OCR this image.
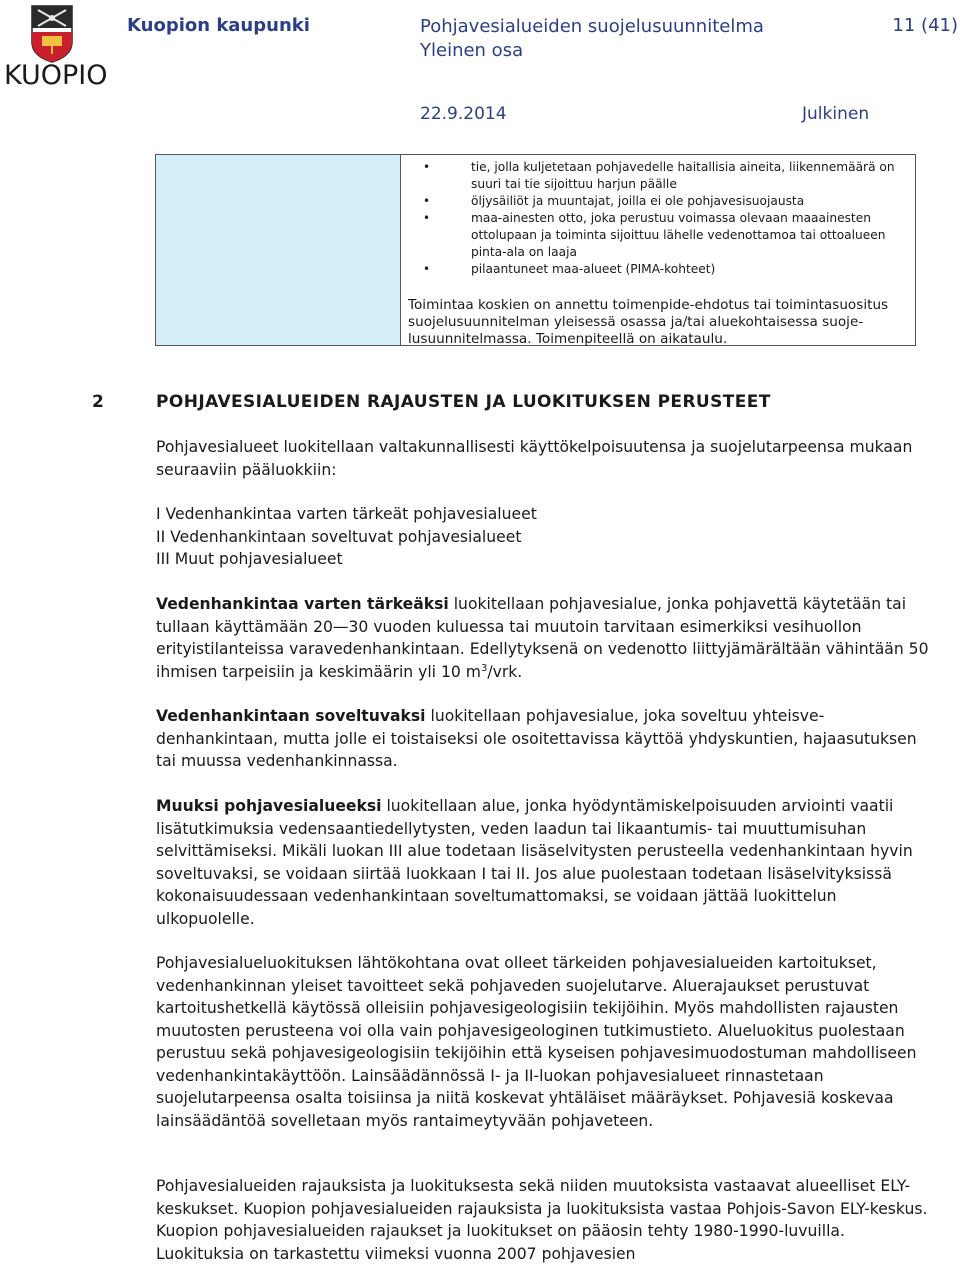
KUOPIO
Kuopion kaupunki	Pohjavesialueiden suojelusuunnitelma
Yleinen osa
11 (41)
22.9.2014	Julkinen
• tie, jolla kuljetetaan pohjavedelle haitallisia aineita, liikennemäärä on suuri tai tie sijoittuu harjun päälle
• öljysäiliöt ja muuntajat, joilla ei ole pohjavesisuojausta
• maa-ainesten otto, joka perustuu voimassa olevaan maaainesten ottolupaan ja toiminta sijoittuu lähelle vedenottamoa tai ottoalueen pinta-ala on laaja
• pilaantuneet maa-alueet (PIMA-kohteet)

Toimintaa koskien on annettu toimenpide-ehdotus tai toimintasuositus suojelusuunnitelman yleisessä osassa ja/tai aluekohtaisessa suojelusuunnitelmassa. Toimenpiteellä on aikataulu.

2	POHJAVESIALUEIDEN RAJAUSTEN JA LUOKITUKSEN PERUSTEET

Pohjavesialueet luokitellaan valtakunnallisesti käyttökelpoisuutensa ja suojelutarpeensa mukaan seuraaviin pääluokkiin:

I Vedenhankintaa varten tärkeät pohjavesialueet

II Vedenhankintaan soveltuvat pohjavesialueet

III Muut pohjavesialueet

Vedenhankintaa varten tärkeäksi luokitellaan pohjavesialue, jonka pohjavettä käytetään tai tullaan käyttämään 20—30 vuoden kuluessa tai muutoin tarvitaan esimerkiksi vesihuollon erityistilanteissa varavedenhankintaan. Edellytyksenä on vedenotto liittyjämärältään vähintään 50 ihmisen tarpeisiin ja keskimäärin yli 10 $m^3$/vrk.

Vedenhankintaan soveltuvaksi luokitellaan pohjavesialue, joka soveltuu yhteisvedenhankintaan, mutta jolle ei toistaiseksi ole osoitettavissa käyttöä yhdyskuntien, hajaasutuksen tai muussa vedenhankinnassa.

Muuksi pohjavesialueeksi luokitellaan alue, jonka hyödyntämiskelpoisuuden arviointi vaatii lisätutkimuksia vedensaantiedellytysten, veden laadun tai likaantumis- tai muuttumisuhan selvittämiseksi. Mikäli luokan III alue todetaan lisäselvitysten perusteella vedenhankintaan hyvin soveltuvaksi, se voidaan siirtää luokkaan I tai II. Jos alue puolestaan todetaan lisäselvityksissä kokonaisuudessaan vedenhankintaan soveltumattomaksi, se voidaan jättää luokittelun ulkopuolelle.

Pohjavesialueluokituksen lähtökohtana ovat olleet tärkeiden pohjavesialueiden kartoitukset, vedenhankinnan yleiset tavoitteet sekä pohjaveden suojelutarve. Aluerajaukset perustuvat kartoitushetkellä käytössä olleisiin pohjavesigeologisiin tekijöihin. Myös mahdollisten rajausten muutosten perusteena voi olla vain pohjavesigeologinen tutkimustieto. Alueluokitus puolestaan perustuu sekä pohjavesigeologisiin tekijöihin että kyseisen pohjavesimuodostuman mahdolliseen vedenhankintakäyttöön. Lainsäädännössä I- ja II-luokan pohjavesialueet rinnastetaan suojelutarpeensa osalta toisiinsa ja niitä koskevat yhtäläiset määräykset. Pohjavesiä koskevaa lainsäädäntöä sovelletaan myös rantaimeytyvään pohjaveteen.

Pohjavesialueiden rajauksista ja luokituksesta sekä niiden muutoksista vastaavat alueelliset ELY-keskukset. Kuopion pohjavesialueiden rajauksista ja luokituksista vastaa Pohjois-Savon ELY-keskus. Kuopion pohjavesialueiden rajaukset ja luokitukset on pääosin tehty 1980-1990-luvuilla. Luokituksia on tarkastettu viimeksi vuonna 2007 pohjavesien
